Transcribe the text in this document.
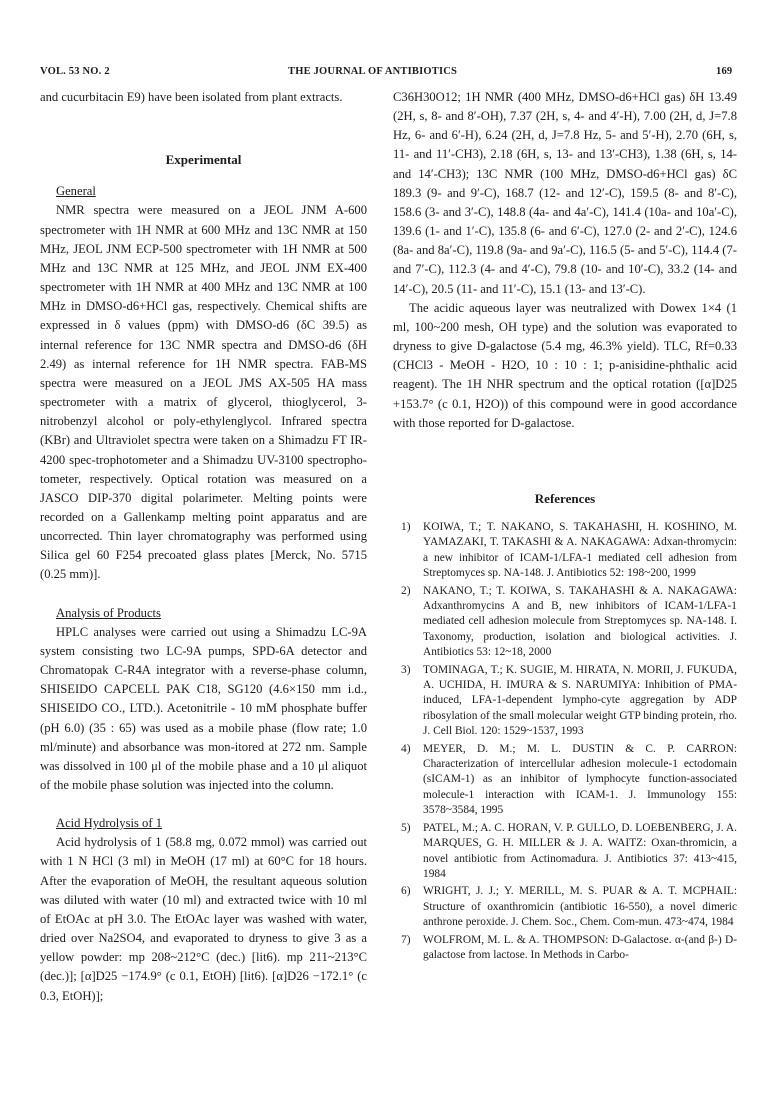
VOL. 53 NO. 2	THE JOURNAL OF ANTIBIOTICS	169

and cucurbitacin E9) have been isolated from plant extracts.

Experimental

General

NMR spectra were measured on a JEOL JNM A-600 spectrometer with 1H NMR at 600 MHz and 13C NMR at 150 MHz, JEOL JNM ECP-500 spectrometer with 1H NMR at 500 MHz and 13C NMR at 125 MHz, and JEOL JNM EX-400 spectrometer with 1H NMR at 400 MHz and 13C NMR at 100 MHz in DMSO-d6+HCl gas, respectively. Chemical shifts are expressed in δ values (ppm) with DMSO-d6 (δC 39.5) as internal reference for 13C NMR spectra and DMSO-d6 (δH 2.49) as internal reference for 1H NMR spectra. FAB-MS spectra were measured on a JEOL JMS AX-505 HA mass spectrometer with a matrix of glycerol, thioglycerol, 3-nitrobenzyl alcohol or poly-ethylenglycol. Infrared spectra (KBr) and Ultraviolet spectra were taken on a Shimadzu FT IR-4200 spec-trophotometer and a Shimadzu UV-3100 spectropho-tometer, respectively. Optical rotation was measured on a JASCO DIP-370 digital polarimeter. Melting points were recorded on a Gallenkamp melting point apparatus and are uncorrected. Thin layer chromatography was performed using Silica gel 60 F254 precoated glass plates [Merck, No. 5715 (0.25 mm)].

Analysis of Products

HPLC analyses were carried out using a Shimadzu LC-9A system consisting two LC-9A pumps, SPD-6A detector and Chromatopak C-R4A integrator with a reverse-phase column, SHISEIDO CAPCELL PAK C18, SG120 (4.6×150 mm i.d., SHISEIDO CO., LTD.). Acetonitrile - 10 mM phosphate buffer (pH 6.0) (35 : 65) was used as a mobile phase (flow rate; 1.0 ml/minute) and absorbance was mon-itored at 272 nm. Sample was dissolved in 100 μl of the mobile phase and a 10 μl aliquot of the mobile phase solution was injected into the column.

Acid Hydrolysis of 1

Acid hydrolysis of 1 (58.8 mg, 0.072 mmol) was carried out with 1 N HCl (3 ml) in MeOH (17 ml) at 60°C for 18 hours. After the evaporation of MeOH, the resultant aqueous solution was diluted with water (10 ml) and extracted twice with 10 ml of EtOAc at pH 3.0. The EtOAc layer was washed with water, dried over Na2SO4, and evaporated to dryness to give 3 as a yellow powder: mp 208~212°C (dec.) [lit6). mp 211~213°C (dec.)]; [α]D25 −174.9° (c 0.1, EtOH) [lit6). [α]D26 −172.1° (c 0.3, EtOH)];

C36H30O12; 1H NMR (400 MHz, DMSO-d6+HCl gas) δH 13.49 (2H, s, 8- and 8′-OH), 7.37 (2H, s, 4- and 4′-H), 7.00 (2H, d, J=7.8 Hz, 6- and 6′-H), 6.24 (2H, d, J=7.8 Hz, 5- and 5′-H), 2.70 (6H, s, 11- and 11′-CH3), 2.18 (6H, s, 13- and 13′-CH3), 1.38 (6H, s, 14- and 14′-CH3); 13C NMR (100 MHz, DMSO-d6+HCl gas) δC 189.3 (9- and 9′-C), 168.7 (12- and 12′-C), 159.5 (8- and 8′-C), 158.6 (3- and 3′-C), 148.8 (4a- and 4a′-C), 141.4 (10a- and 10a′-C), 139.6 (1- and 1′-C), 135.8 (6- and 6′-C), 127.0 (2- and 2′-C), 124.6 (8a- and 8a′-C), 119.8 (9a- and 9a′-C), 116.5 (5- and 5′-C), 114.4 (7- and 7′-C), 112.3 (4- and 4′-C), 79.8 (10- and 10′-C), 33.2 (14- and 14′-C), 20.5 (11- and 11′-C), 15.1 (13- and 13′-C).

The acidic aqueous layer was neutralized with Dowex 1×4 (1 ml, 100~200 mesh, OH type) and the solution was evaporated to dryness to give D-galactose (5.4 mg, 46.3% yield). TLC, Rf=0.33 (CHCl3 - MeOH - H2O, 10 : 10 : 1; p-anisidine-phthalic acid reagent). The 1H NHR spectrum and the optical rotation ([α]D25 +153.7° (c 0.1, H2O)) of this compound were in good accordance with those reported for D-galactose.

References
1) KOIWA, T.; T. NAKANO, S. TAKAHASHI, H. KOSHINO, M. YAMAZAKI, T. TAKASHI & A. NAKAGAWA: Adxan-thromycin: a new inhibitor of ICAM-1/LFA-1 mediated cell adhesion from Streptomyces sp. NA-148. J. Antibiotics 52: 198~200, 1999
2) NAKANO, T.; T. KOIWA, S. TAKAHASHI & A. NAKAGAWA: Adxanthromycins A and B, new inhibitors of ICAM-1/LFA-1 mediated cell adhesion molecule from Streptomyces sp. NA-148. I. Taxonomy, production, isolation and biological activities. J. Antibiotics 53: 12~18, 2000
3) TOMINAGA, T.; K. SUGIE, M. HIRATA, N. MORII, J. FUKUDA, A. UCHIDA, H. IMURA & S. NARUMIYA: Inhibition of PMA-induced, LFA-1-dependent lympho-cyte aggregation by ADP ribosylation of the small molecular weight GTP binding protein, rho. J. Cell Biol. 120: 1529~1537, 1993
4) MEYER, D. M.; M. L. DUSTIN & C. P. CARRON: Characterization of intercellular adhesion molecule-1 ectodomain (sICAM-1) as an inhibitor of lymphocyte function-associated molecule-1 interaction with ICAM-1. J. Immunology 155: 3578~3584, 1995
5) PATEL, M.; A. C. HORAN, V. P. GULLO, D. LOEBENBERG, J. A. MARQUES, G. H. MILLER & J. A. WAITZ: Oxan-thromicin, a novel antibiotic from Actinomadura. J. Antibiotics 37: 413~415, 1984
6) WRIGHT, J. J.; Y. MERILL, M. S. PUAR & A. T. MCPHAIL: Structure of oxanthromicin (antibiotic 16-550), a novel dimeric anthrone peroxide. J. Chem. Soc., Chem. Com-mun. 473~474, 1984
7) WOLFROM, M. L. & A. THOMPSON: D-Galactose. α-(and β-) D-galactose from lactose. In Methods in Carbo-
